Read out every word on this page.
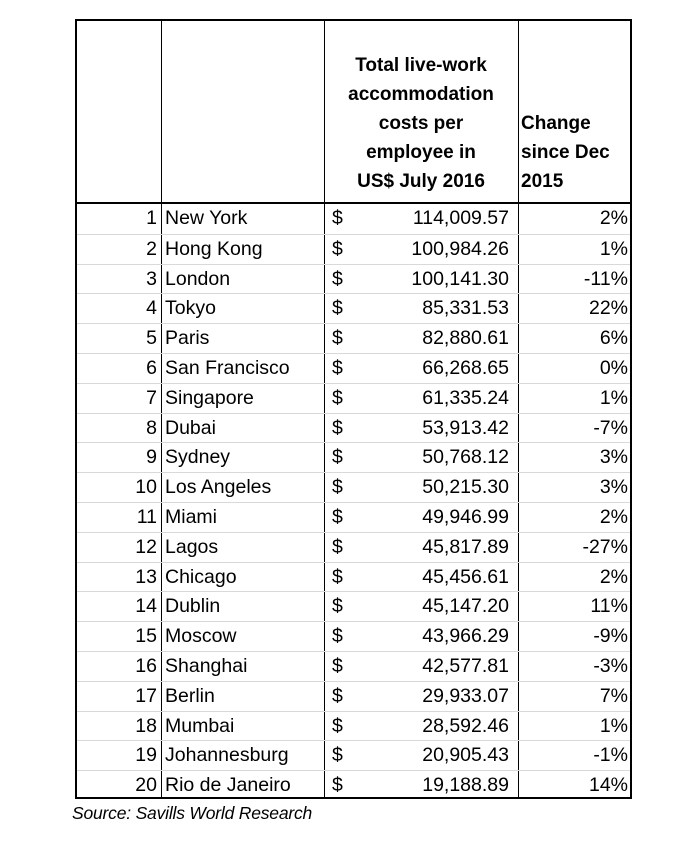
Total live-work
accommodation
costs per
employee in
US$ July 2016
Change
since Dec
2015
1 New York	$	114,009.57	2%
2 Hong Kong	$	100,984.26	1%
3 London	$	100,141.30	-11%
4 Tokyo	$	85,331.53	22%
5 Paris	$	82,880.61	6%
6 San Francisco	$	66,268.65	0%
7 Singapore	$	61,335.24	1%
8 Dubai	$	53,913.42	-7%
9 Sydney	$	50,768.12	3%
10 Los Angeles	$	50,215.30	3%
11 Miami	$	49,946.99	2%
12 Lagos	$	45,817.89	-27%
13 Chicago	$	45,456.61	2%
14 Dublin	$	45,147.20	11%
15 Moscow	$	43,966.29	-9%
16 Shanghai	$	42,577.81	-3%
17 Berlin	$	29,933.07	7%
18 Mumbai	$	28,592.46	1%
19 Johannesburg	$	20,905.43	-1%
20 Rio de Janeiro	$	19,188.89	14%
Source: Savills World Research
